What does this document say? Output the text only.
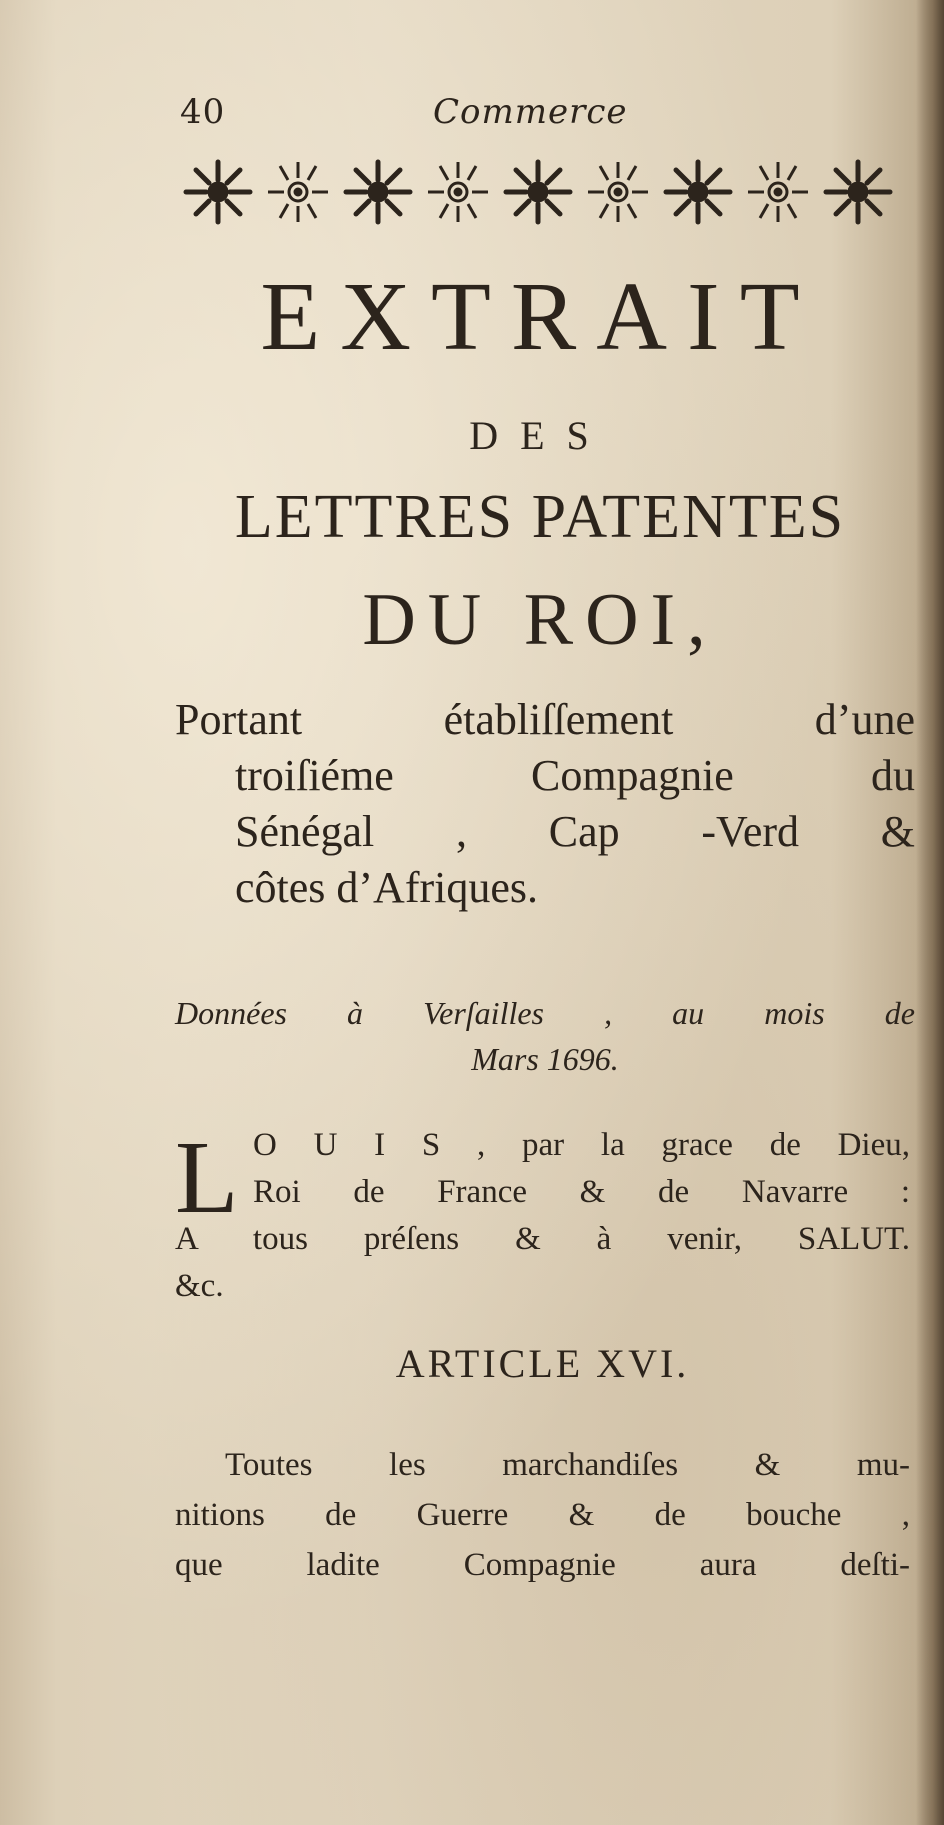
40	Commerce
EXTRAIT
DES
LETTRES PATENTES
DU ROI,
Portant établiſſement d’une
troiſiéme Compagnie du
Sénégal , Cap -Verd &
côtes d’Afriques.
Données à Verſailles , au mois de
Mars 1696.
L O U I S , par la grace de Dieu,
Roi de France & de Navarre :
A tous préſens & à venir, SALUT.
&c.
ARTICLE XVI.
Toutes les marchandiſes & mu-
nitions de Guerre & de bouche ,
que ladite Compagnie aura deſti-
